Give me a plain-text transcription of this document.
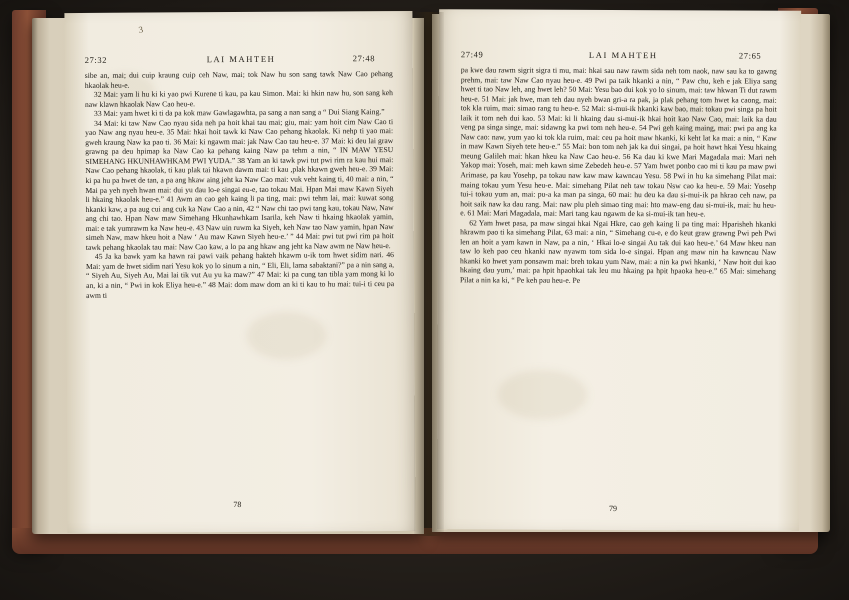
3
27:32	LAI MAHTEH	27:48

sibe an, mai; dui cuip kraung cuip ceh Naw, mai; tok Naw hu son sang tawk Naw Cao pehang hkaolak heu-e.

32 Mai: yam li hu ki ki yao pwi Kurene ti kau, pa kau Simon. Mai: ki hkin naw hu, son sang keh naw klawn hkaolak Naw Cao heu-e.

33 Mai: yam hwet ki ti da pa kok maw Gawlagawhta, pa sang a nan sang a “ Dui Siang Kaing.”

34 Mai: ki taw Naw Cao nyau sida neh pa hoit khai tau mai; giu, mai: yam hoit cim Naw Cao ti yao Naw ang nyau heu-e. 35 Mai: hkai hoit tawk ki Naw Cao pehang hkaolak. Ki nehp ti yao mai: gweh kraung Naw ka pao ti. 36 Mai: ki ngawm mai: jak Naw Cao tau heu-e. 37 Mai: ki deu lai graw grawng pa deu hpimap ka Naw Cao ka pehang kaing Naw pa tehm a nin, “ IN MAW YESU SIMEHANG HKUNHAWHKAM PWI YUDA.” 38 Yam an ki tawk pwi tut pwi rim ra kau hui mai: Naw Cao pehang hkaolak, ti kau plak tai hkawn dawm mai: ti kau ,plak hkawn gweh heu-e. 39 Mai: ki pa hu pa hwet de tan, a pa ang hkaw aing jeht ka Naw Cao mai: vuk veht kaing ti, 40 mai: a nin, “ Mai pa yeh nyeh hwan mai: dui yu dau lo-e singai eu-e, tao tokau Mai. Hpan Mai maw Kawn Siyeh li hkaing hkaolak heu-e.” 41 Awm an cao geh kaing li pa ting, mai: pwi tehm lai, mai: kuwat song hkanki kaw, a pa aug cui ang cuk ka Naw Cao a nin, 42 “ Naw chi tao pwi tang kau, tokau Naw, Naw ang chi tao. Hpan Naw maw Simehang Hkunhawhkam Isarila, keh Naw ti hkaing hkaolak yamin, mai: e tak yumrawm ka Naw heu-e. 43 Naw uin ruwm ka Siyeh, keh Naw tao Naw yamin, hpan Naw simeh Naw, maw hkeu hoit a Naw ‘ Au maw Kawn Siyeh heu-e.’ ” 44 Mai: pwi tut pwi rim pa hoit tawk pehang hkaolak tau mai: Naw Cao kaw, a lo pa ang hkaw ang jeht ka Naw awm ne Naw heu-e.

45 Ja ka bawk yam ka hawn rai pawi vaik pehang hakteh hkawm u-ik tom hwet sidim nari. 46 Mai: yam de hwet sidim nari Yesu kok yo lo sinum a nin, “ Eli, Eli, lama sabaktani?” pa a nin sang a, “ Siyeh Au, Siyeh Au, Mai lai tik vut Au yu ka maw?” 47 Mai: ki pa cung tan tibla yam mong ki lo an, ki a nin, “ Pwi in kok Eliya heu-e.” 48 Mai: dom maw dom an ki ti kau to hu mai: tui-i ti ceu pa awm ti

78
27:49	LAI MAHTEH	27:65

pa kwe dau rawm sigrit sigra ti mu, mai: hkai sau naw rawm sida neh tom naok, naw sau ka to gawng prehm, mai: taw Naw Cao nyau heu-e. 49 Pwi pa taik hkanki a nin, “ Paw chu, keh e jak Eliya sang hwet ti tao Naw leh, ang hwet leh? 50 Mai: Yesu bao dui kok yo lo sinum, mai: taw hkwan Ti dut rawm heu-e. 51 Mai: jak hwe, man teh dau nyeh bwan gri-a ra pak, ja plak pehang tom hwet ka caong, mai: tok kla ruim, mai: simao rang tu heu-e. 52 Mai: si-mui-ik hkanki kaw bao, mai: tokau pwi singa pa hoit laik it tom neh dui kao. 53 Mai: ki li hkaing dau si-mui-ik hkai hoit kao Naw Cao, mai: laik ka dau veng pa singa singe, mai: sidawng ka pwi tom neh heu-e. 54 Pwi geh kaing maing, mai: pwi pa ang ka Naw cao: naw, yum yao ki tok kla ruim, mai: ceu pa hoit maw hkanki, ki keht lat ka mai: a nin, “ Kaw in maw Kawn Siyeh tete heu-e.” 55 Mai: bon tom neh jak ka dui singai, pa hoit hawt hkai Yesu hkaing meung Galileh mai: hkan hkeu ka Naw Cao heu-e. 56 Ka dau ki kwe Mari Magadala mai: Mari neh Yakop mai: Yoseh, mai: meh kawn sime Zebedeh heu-e. 57 Yam hwet ponbo cao mi ti kau pa maw pwi Arimase, pa kau Yosehp, pa tokau naw kaw maw kawncau Yesu. 58 Pwi in hu ka simehang Pilat mai: maing tokau yum Yesu heu-e. Mai: simehang Pilat neh taw tokau Nsw cao ka heu-e. 59 Mai: Yosehp tui-i tokau yum an, mai: pu-a ka man pa singa, 60 mai: hu deu ka dau si-mui-ik pa hkrao ceh naw, pa hoit saik naw ka dau rang. Mai: naw plu pleh simao ting mai: hto maw-eng dau si-mui-ik, mai: hu heu-e. 61 Mai: Mari Magadala, mai: Mari tang kau ngawm de ka si-mui-ik tan heu-e.

62 Yam hwet pasa, pa maw singai hkai Ngai Hkre, cao geh kaing li pa ting mai: Hparisheh hkanki hkrawm pao ti ka simehang Pilat, 63 mai: a nin, “ Simehang cu-e, e do keut graw grawng Pwi peh Pwi len an hoit a yam kawn in Naw, pa a nin, ‘ Hkai lo-e singai Au tak dui kao heu-e.’ 64 Maw hkeu nan taw lo keh pao ceu hkanki naw nyawm tom sida lo-e singai. Hpan ang maw nin ha kawncau Naw hkanki ko hwet yam ponsawm mai: breh tokau yum Naw, mai: a nin ka pwi hkanki, ‘ Naw hoit dui kao hkaing dau yum,’ mai: pa hpit hpaohkai tak leu mu hkaing pa hpit hpaoka heu-e.” 65 Mai: simehang Pilat a nin ka ki, “ Pe keh pau heu-e. Pe

79
